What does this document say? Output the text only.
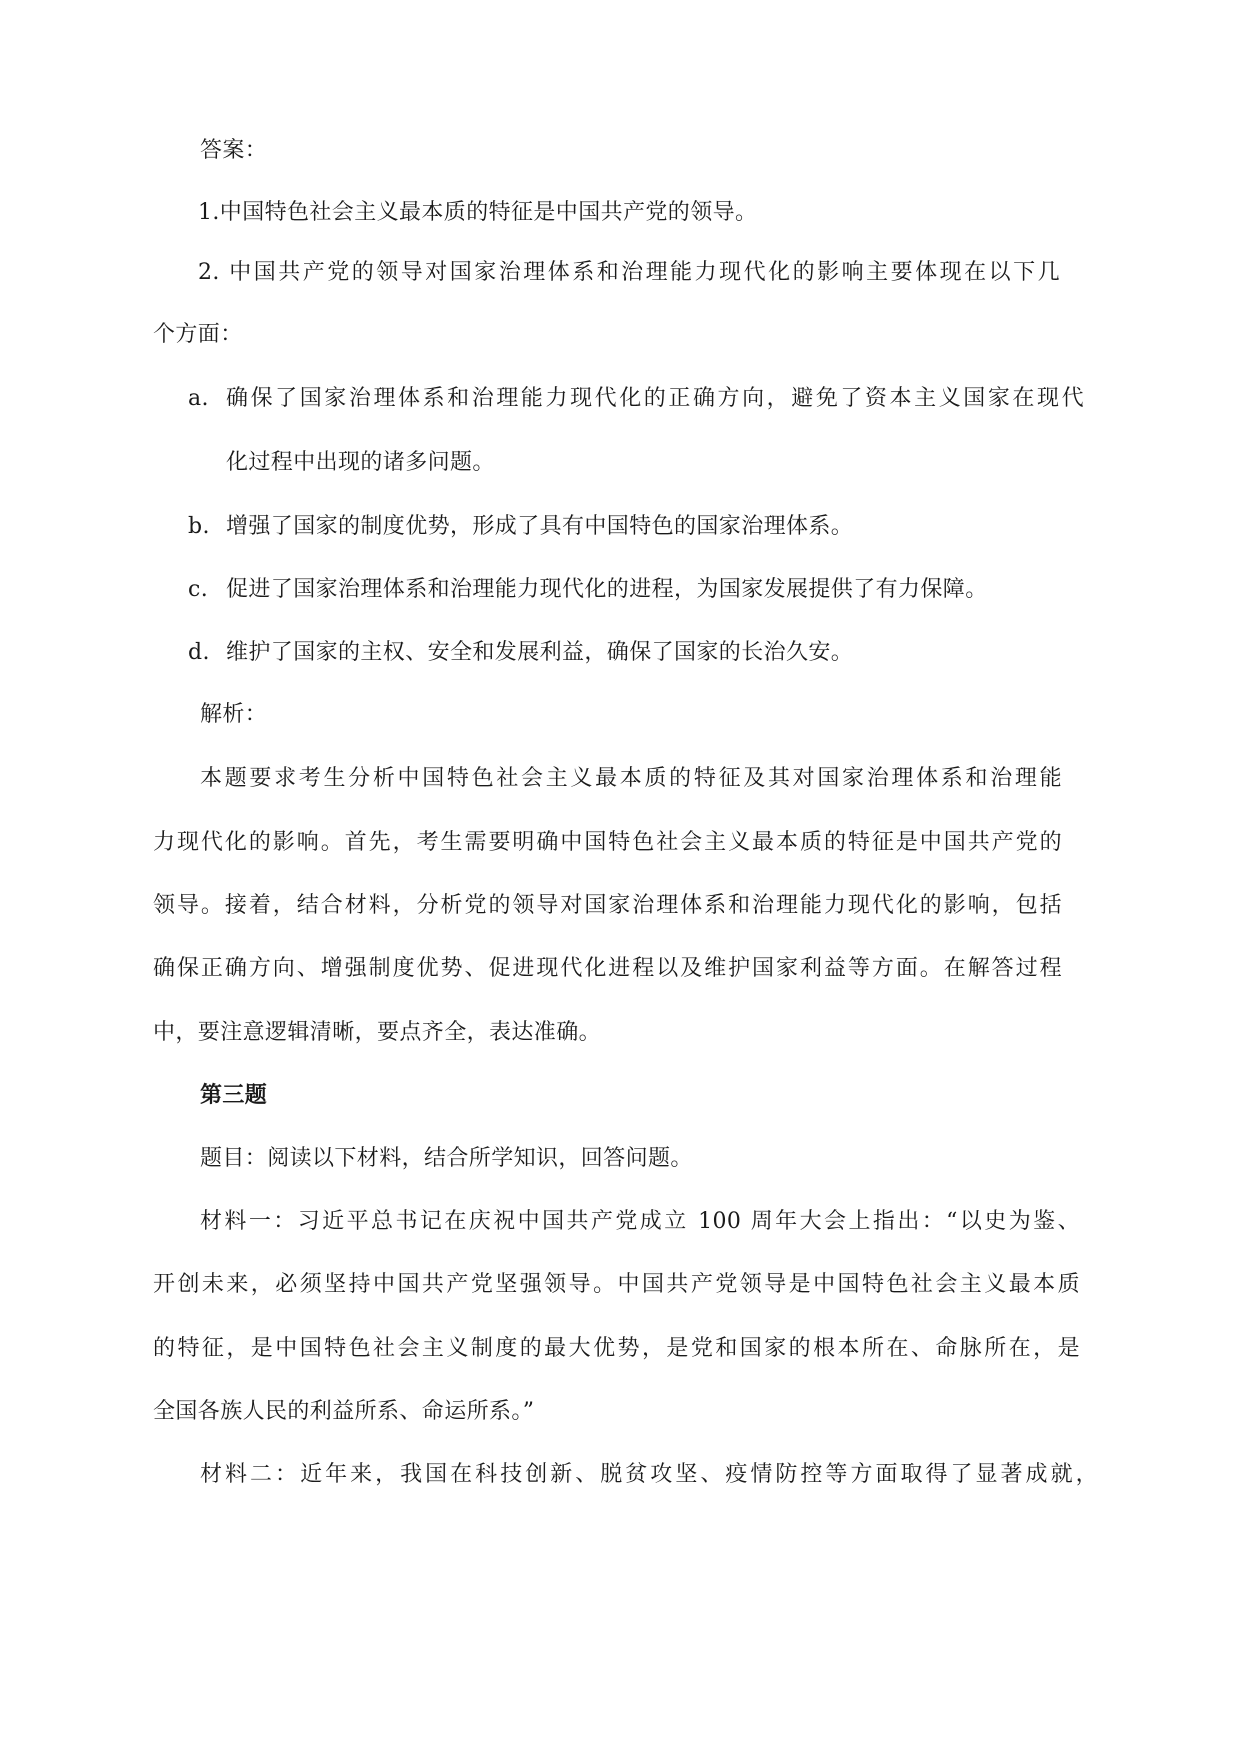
答案：
1.中国特色社会主义最本质的特征是中国共产党的领导。
2. 中国共产党的领导对国家治理体系和治理能力现代化的影响主要体现在以下几
个方面：
a. 确保了国家治理体系和治理能力现代化的正确方向，避免了资本主义国家在现代
化过程中出现的诸多问题。
b. 增强了国家的制度优势，形成了具有中国特色的国家治理体系。
c. 促进了国家治理体系和治理能力现代化的进程，为国家发展提供了有力保障。
d. 维护了国家的主权、安全和发展利益，确保了国家的长治久安。
解析：
本题要求考生分析中国特色社会主义最本质的特征及其对国家治理体系和治理能
力现代化的影响。首先，考生需要明确中国特色社会主义最本质的特征是中国共产党的
领导。接着，结合材料，分析党的领导对国家治理体系和治理能力现代化的影响，包括
确保正确方向、增强制度优势、促进现代化进程以及维护国家利益等方面。在解答过程
中，要注意逻辑清晰，要点齐全，表达准确。
第三题
题目：阅读以下材料，结合所学知识，回答问题。
材料一：习近平总书记在庆祝中国共产党成立 100 周年大会上指出：“以史为鉴、
开创未来，必须坚持中国共产党坚强领导。中国共产党领导是中国特色社会主义最本质
的特征，是中国特色社会主义制度的最大优势，是党和国家的根本所在、命脉所在，是
全国各族人民的利益所系、命运所系。”
材料二：近年来，我国在科技创新、脱贫攻坚、疫情防控等方面取得了显著成就，
